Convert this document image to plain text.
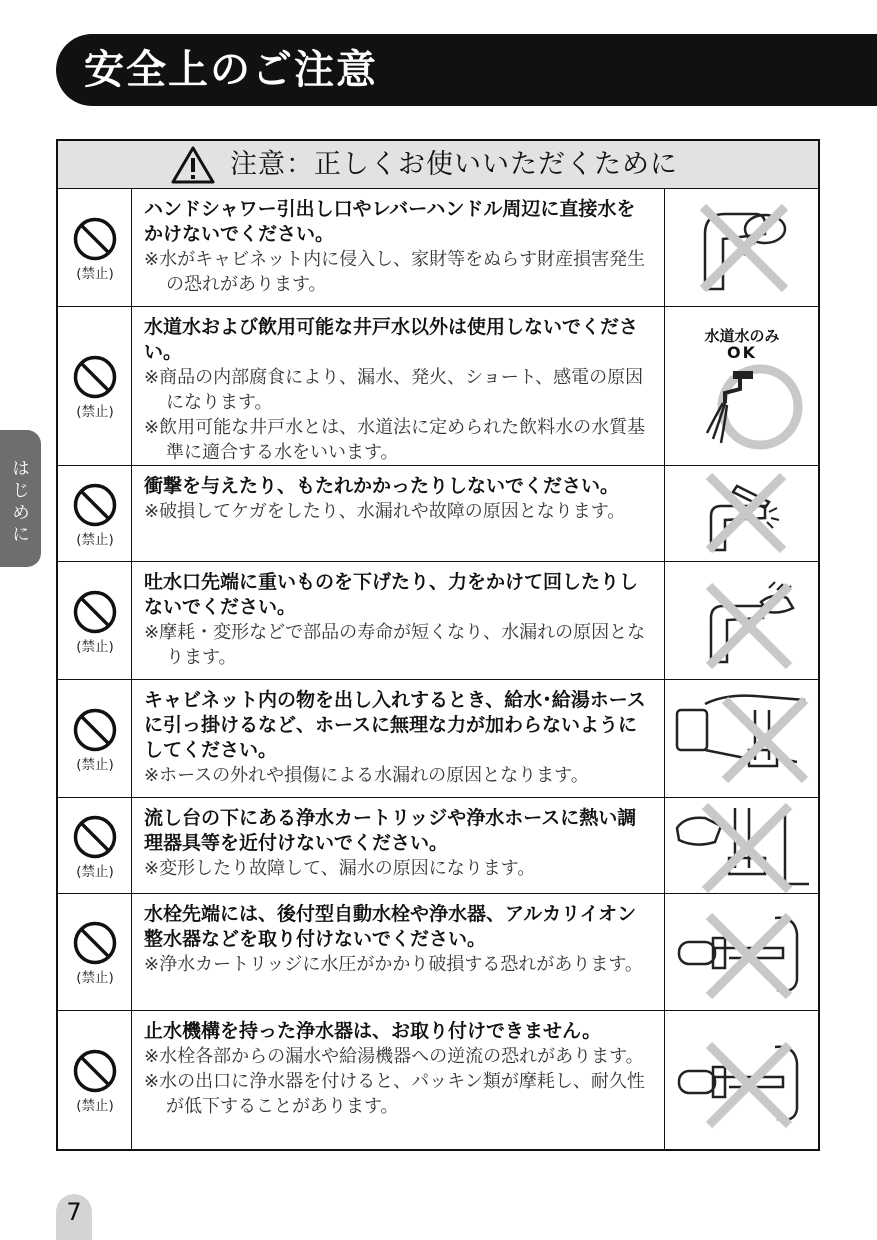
安全上のご注意
はじめに
注意：正しくお使いいただくために
(禁止)
ハンドシャワー引出し口やレバーハンドル周辺に直接水をかけないでください。
※水がキャビネット内に侵入し、家財等をぬらす財産損害発生の恐れがあります。
(禁止)
水道水および飲用可能な井戸水以外は使用しないでください。
※商品の内部腐食により、漏水、発火、ショート、感電の原因になります。
※飲用可能な井戸水とは、水道法に定められた飲料水の水質基準に適合する水をいいます。
水道水のみ
OK
(禁止)
衝撃を与えたり、もたれかかったりしないでください。
※破損してケガをしたり、水漏れや故障の原因となります。
(禁止)
吐水口先端に重いものを下げたり、力をかけて回したりしないでください。
※摩耗・変形などで部品の寿命が短くなり、水漏れの原因となります。
(禁止)
キャビネット内の物を出し入れするとき、給水･給湯ホースに引っ掛けるなど、ホースに無理な力が加わらないようにしてください。
※ホースの外れや損傷による水漏れの原因となります。
(禁止)
流し台の下にある浄水カートリッジや浄水ホースに熱い調理器具等を近付けないでください。
※変形したり故障して、漏水の原因になります。
(禁止)
水栓先端には、後付型自動水栓や浄水器、アルカリイオン整水器などを取り付けないでください。
※浄水カートリッジに水圧がかかり破損する恐れがあります。
(禁止)
止水機構を持った浄水器は、お取り付けできません。
※水栓各部からの漏水や給湯機器への逆流の恐れがあります。
※水の出口に浄水器を付けると、パッキン類が摩耗し、耐久性が低下することがあります。
7
